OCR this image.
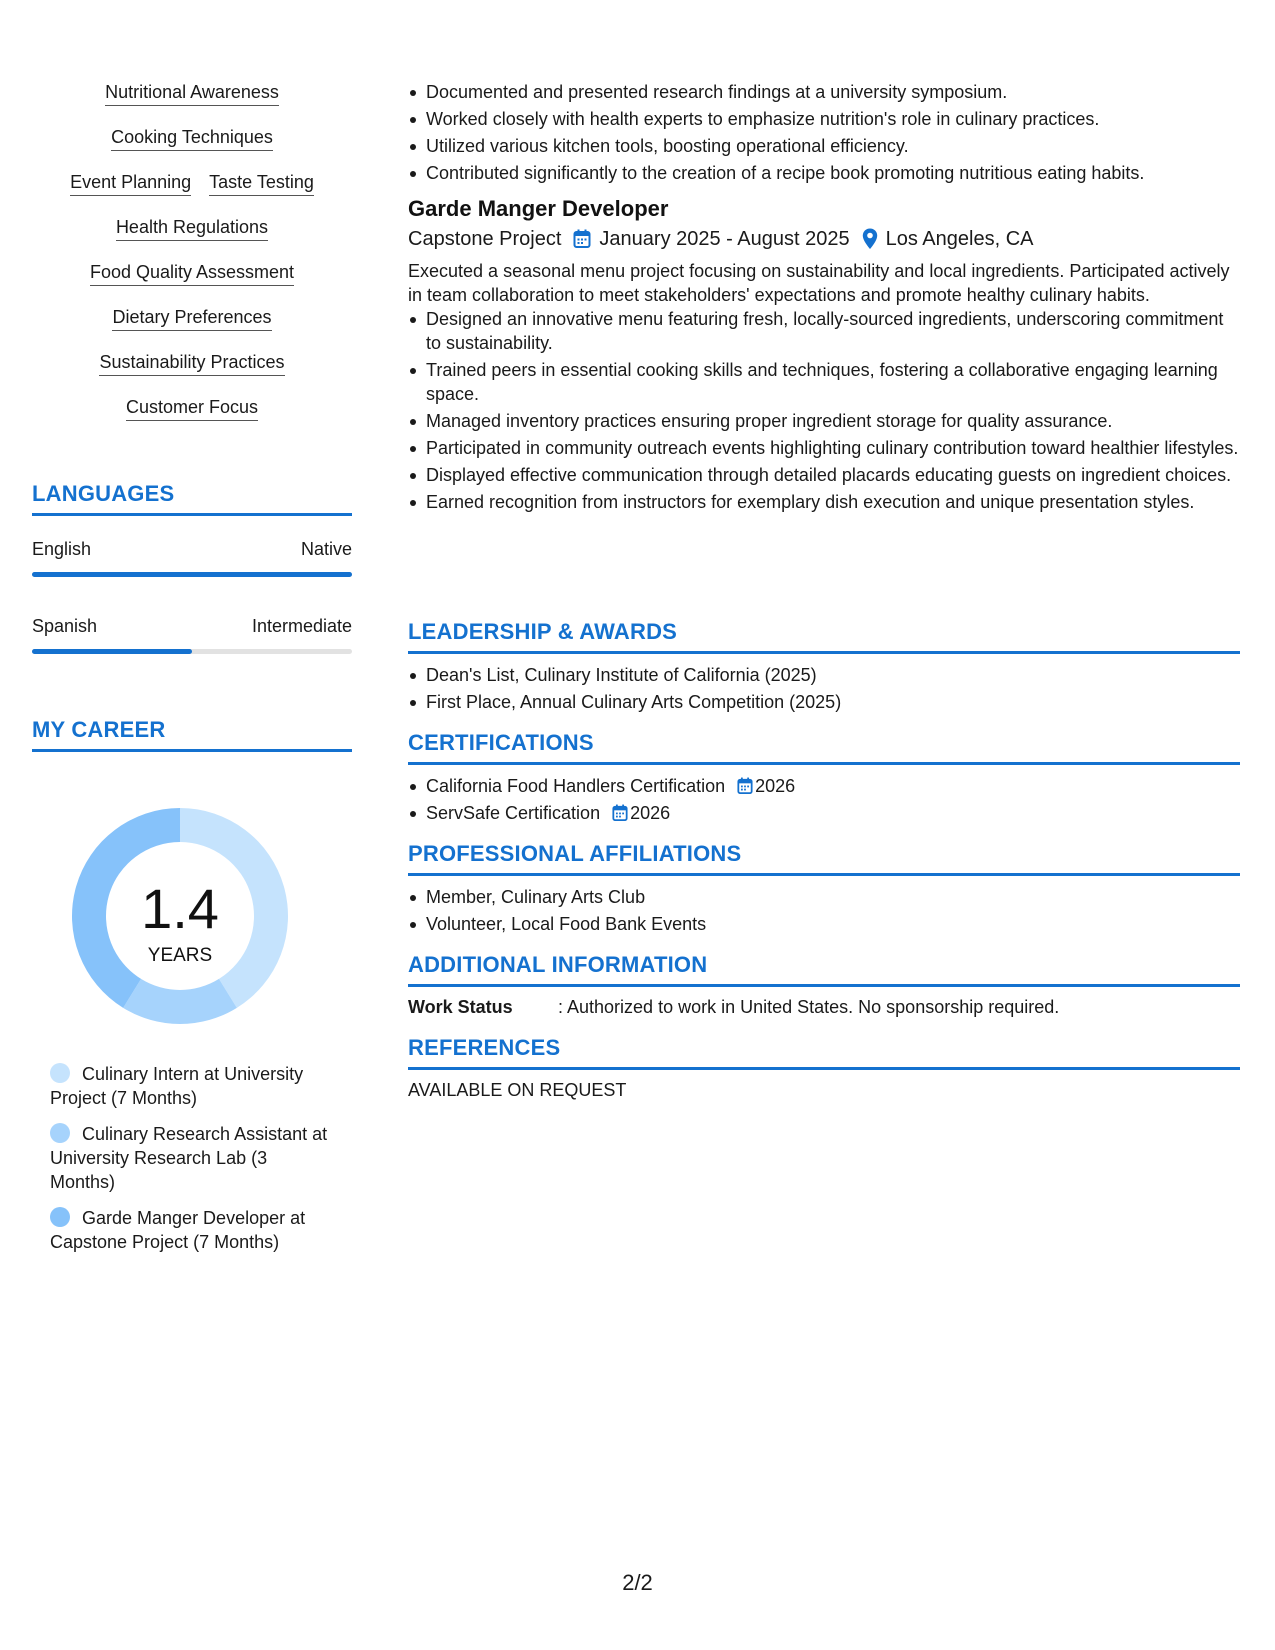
Nutritional Awareness
Cooking Techniques
Event Planning Taste Testing
Health Regulations
Food Quality Assessment
Dietary Preferences
Sustainability Practices
Customer Focus
LANGUAGES
English	Native
Spanish	Intermediate
MY CAREER
1.4
YEARS
Culinary Intern at University Project (7 Months)
Culinary Research Assistant at University Research Lab (3 Months)
Garde Manger Developer at Capstone Project (7 Months)
Documented and presented research findings at a university symposium.
Worked closely with health experts to emphasize nutrition's role in culinary practices.
Utilized various kitchen tools, boosting operational efficiency.
Contributed significantly to the creation of a recipe book promoting nutritious eating habits.
Garde Manger Developer
Capstone Project January 2025 - August 2025 Los Angeles, CA
Executed a seasonal menu project focusing on sustainability and local ingredients. Participated actively in team collaboration to meet stakeholders' expectations and promote healthy culinary habits.
Designed an innovative menu featuring fresh, locally-sourced ingredients, underscoring commitment to sustainability.
Trained peers in essential cooking skills and techniques, fostering a collaborative engaging learning space.
Managed inventory practices ensuring proper ingredient storage for quality assurance.
Participated in community outreach events highlighting culinary contribution toward healthier lifestyles.
Displayed effective communication through detailed placards educating guests on ingredient choices.
Earned recognition from instructors for exemplary dish execution and unique presentation styles.
LEADERSHIP & AWARDS
Dean's List, Culinary Institute of California (2025)
First Place, Annual Culinary Arts Competition (2025)
CERTIFICATIONS
California Food Handlers Certification 2026
ServSafe Certification 2026
PROFESSIONAL AFFILIATIONS
Member, Culinary Arts Club
Volunteer, Local Food Bank Events
ADDITIONAL INFORMATION
Work Status	: Authorized to work in United States. No sponsorship required.
REFERENCES
AVAILABLE ON REQUEST
2/2
